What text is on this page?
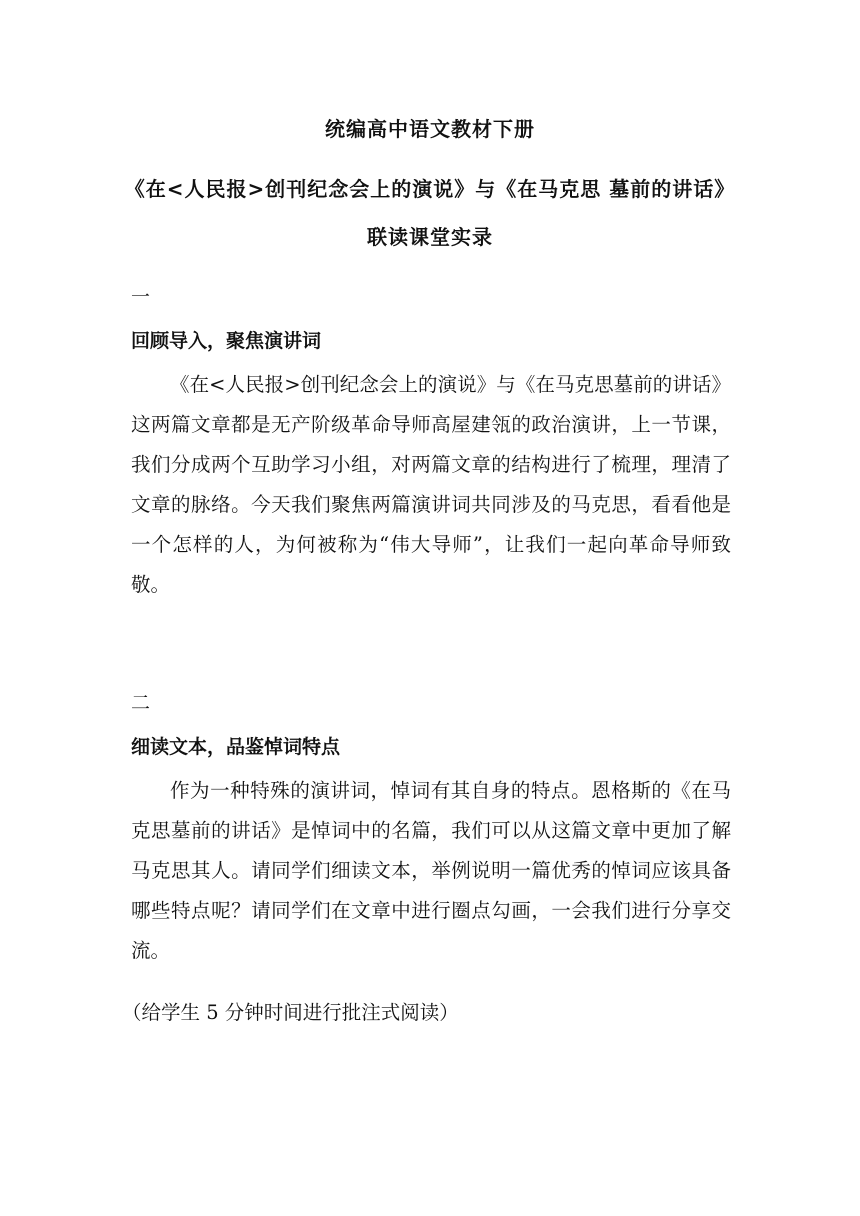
统编高中语文教材下册
《在<人民报>创刊纪念会上的演说》与《在马克思 墓前的讲话》
联读课堂实录
一
回顾导入，聚焦演讲词

《在<人民报>创刊纪念会上的演说》与《在马克思墓前的讲话》这两篇文章都是无产阶级革命导师高屋建瓴的政治演讲，上一节课，我们分成两个互助学习小组，对两篇文章的结构进行了梳理，理清了文章的脉络。今天我们聚焦两篇演讲词共同涉及的马克思，看看他是一个怎样的人，为何被称为“伟大导师”，让我们一起向革命导师致敬。

二
细读文本，品鉴悼词特点

作为一种特殊的演讲词，悼词有其自身的特点。恩格斯的《在马克思墓前的讲话》是悼词中的名篇，我们可以从这篇文章中更加了解马克思其人。请同学们细读文本，举例说明一篇优秀的悼词应该具备哪些特点呢？请同学们在文章中进行圈点勾画，一会我们进行分享交流。

（给学生 5 分钟时间进行批注式阅读）
